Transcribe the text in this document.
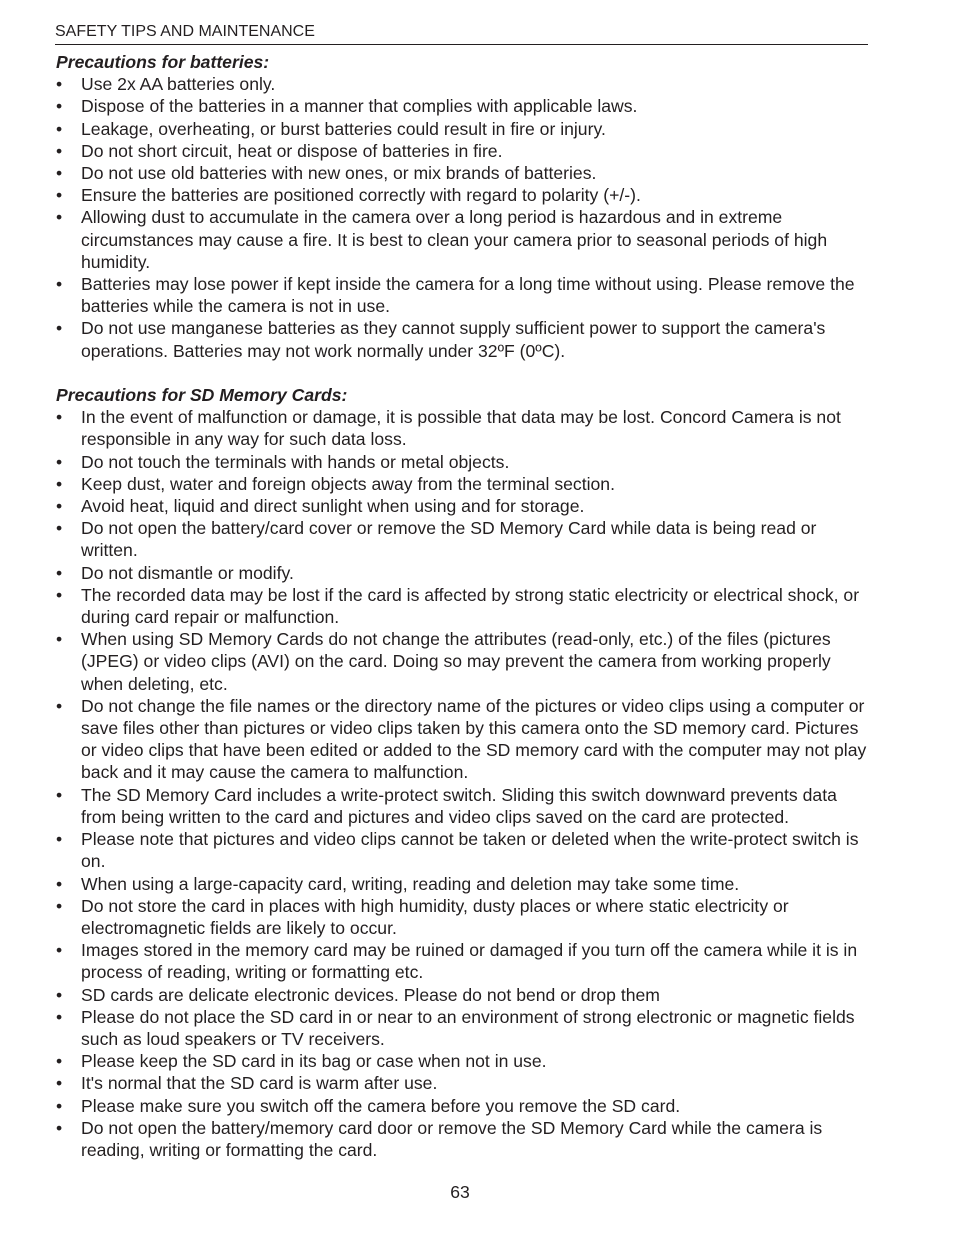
SAFETY TIPS AND MAINTENANCE

Precautions for batteries:

• Use 2x AA batteries only.
• Dispose of the batteries in a manner that complies with applicable laws.
• Leakage, overheating, or burst batteries could result in fire or injury.
• Do not short circuit, heat or dispose of batteries in fire.
• Do not use old batteries with new ones, or mix brands of batteries.
• Ensure the batteries are positioned correctly with regard to polarity (+/-).
• Allowing dust to accumulate in the camera over a long period is hazardous and in extreme circumstances may cause a fire. It is best to clean your camera prior to seasonal periods of high humidity.
• Batteries may lose power if kept inside the camera for a long time without using. Please remove the batteries while the camera is not in use.
• Do not use manganese batteries as they cannot supply sufficient power to support the camera's operations. Batteries may not work normally under 32ºF (0ºC).

Precautions for SD Memory Cards:

• In the event of malfunction or damage, it is possible that data may be lost. Concord Camera is not responsible in any way for such data loss.
• Do not touch the terminals with hands or metal objects.
• Keep dust, water and foreign objects away from the terminal section.
• Avoid heat, liquid and direct sunlight when using and for storage.
• Do not open the battery/card cover or remove the SD Memory Card while data is being read or written.
• Do not dismantle or modify.
• The recorded data may be lost if the card is affected by strong static electricity or electrical shock, or during card repair or malfunction.
• When using SD Memory Cards do not change the attributes (read-only, etc.) of the files (pictures (JPEG) or video clips (AVI) on the card. Doing so may prevent the camera from working properly when deleting, etc.
• Do not change the file names or the directory name of the pictures or video clips using a computer or save files other than pictures or video clips taken by this camera onto the SD memory card. Pictures or video clips that have been edited or added to the SD memory card with the computer may not play back and it may cause the camera to malfunction.
• The SD Memory Card includes a write-protect switch. Sliding this switch downward prevents data from being written to the card and pictures and video clips saved on the card are protected.
• Please note that pictures and video clips cannot be taken or deleted when the write-protect switch is on.
• When using a large-capacity card, writing, reading and deletion may take some time.
• Do not store the card in places with high humidity, dusty places or where static electricity or electromagnetic fields are likely to occur.
• Images stored in the memory card may be ruined or damaged if you turn off the camera while it is in process of reading, writing or formatting etc.
• SD cards are delicate electronic devices. Please do not bend or drop them
• Please do not place the SD card in or near to an environment of strong electronic or magnetic fields such as loud speakers or TV receivers.
• Please keep the SD card in its bag or case when not in use.
• It's normal that the SD card is warm after use.
• Please make sure you switch off the camera before you remove the SD card.
• Do not open the battery/memory card door or remove the SD Memory Card while the camera is reading, writing or formatting the card.
63
